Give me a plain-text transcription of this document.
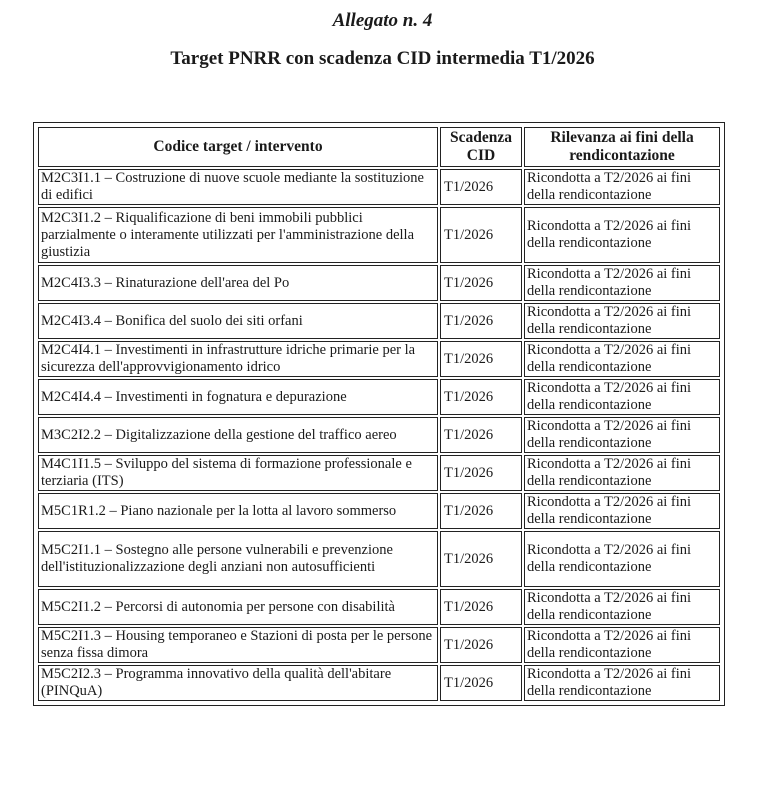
Allegato n. 4
Target PNRR con scadenza CID intermedia T1/2026
Codice target / intervento	Scadenza CID	Rilevanza ai fini della rendicontazione
M2C3I1.1 – Costruzione di nuove scuole mediante la sostituzione di edifici	T1/2026	Ricondotta a T2/2026 ai fini della rendicontazione
M2C3I1.2 – Riqualificazione di beni immobili pubblici parzialmente o interamente utilizzati per l'amministrazione della giustizia	T1/2026	Ricondotta a T2/2026 ai fini della rendicontazione
M2C4I3.3 – Rinaturazione dell'area del Po	T1/2026	Ricondotta a T2/2026 ai fini della rendicontazione
M2C4I3.4 – Bonifica del suolo dei siti orfani	T1/2026	Ricondotta a T2/2026 ai fini della rendicontazione
M2C4I4.1 – Investimenti in infrastrutture idriche primarie per la sicurezza dell'approvvigionamento idrico	T1/2026	Ricondotta a T2/2026 ai fini della rendicontazione
M2C4I4.4 – Investimenti in fognatura e depurazione	T1/2026	Ricondotta a T2/2026 ai fini della rendicontazione
M3C2I2.2 – Digitalizzazione della gestione del traffico aereo	T1/2026	Ricondotta a T2/2026 ai fini della rendicontazione
M4C1I1.5 – Sviluppo del sistema di formazione professionale e terziaria (ITS)	T1/2026	Ricondotta a T2/2026 ai fini della rendicontazione
M5C1R1.2 – Piano nazionale per la lotta al lavoro sommerso	T1/2026	Ricondotta a T2/2026 ai fini della rendicontazione
M5C2I1.1 – Sostegno alle persone vulnerabili e prevenzione dell'istituzionalizzazione degli anziani non autosufficienti	T1/2026	Ricondotta a T2/2026 ai fini della rendicontazione
M5C2I1.2 – Percorsi di autonomia per persone con disabilità	T1/2026	Ricondotta a T2/2026 ai fini della rendicontazione
M5C2I1.3 – Housing temporaneo e Stazioni di posta per le persone senza fissa dimora	T1/2026	Ricondotta a T2/2026 ai fini della rendicontazione
M5C2I2.3 – Programma innovativo della qualità dell'abitare (PINQuA)	T1/2026	Ricondotta a T2/2026 ai fini della rendicontazione
